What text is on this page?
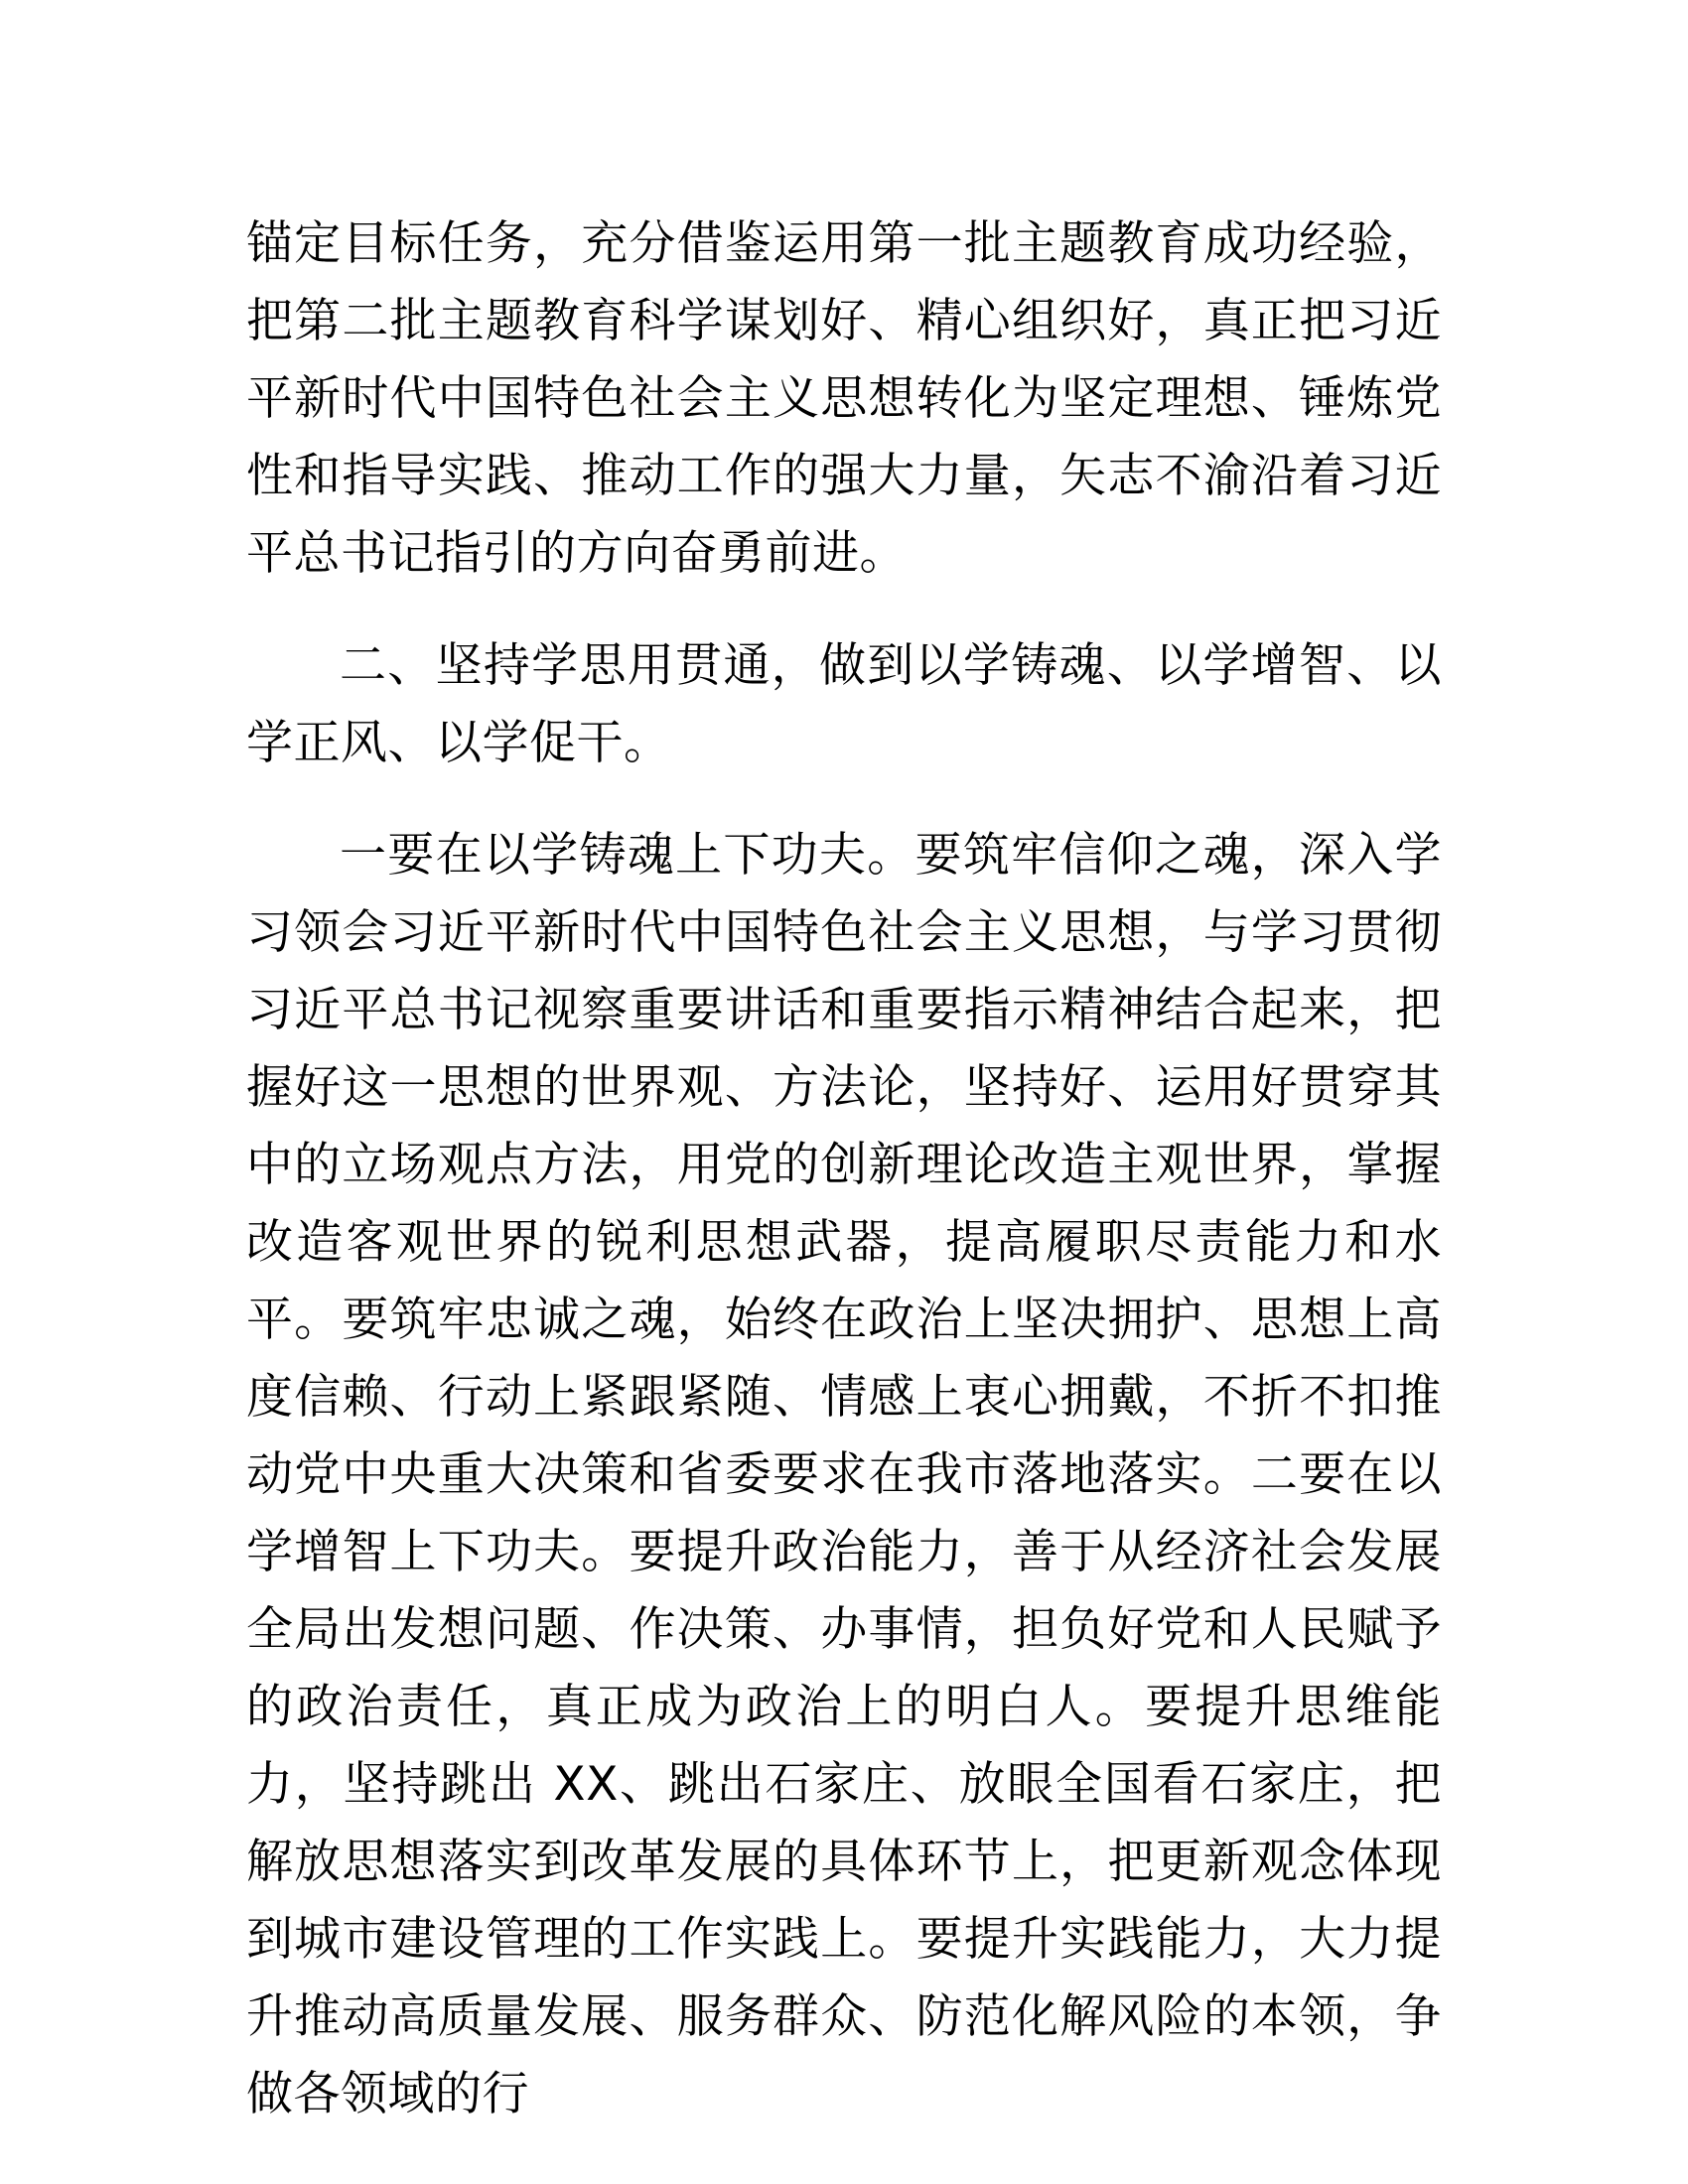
锚定目标任务，充分借鉴运用第一批主题教育成功经验，把第二批主题教育科学谋划好、精心组织好，真正把习近平新时代中国特色社会主义思想转化为坚定理想、锤炼党性和指导实践、推动工作的强大力量，矢志不渝沿着习近平总书记指引的方向奋勇前进。

二、坚持学思用贯通，做到以学铸魂、以学增智、以学正风、以学促干。

一要在以学铸魂上下功夫。要筑牢信仰之魂，深入学习领会习近平新时代中国特色社会主义思想，与学习贯彻习近平总书记视察重要讲话和重要指示精神结合起来，把握好这一思想的世界观、方法论，坚持好、运用好贯穿其中的立场观点方法，用党的创新理论改造主观世界，掌握改造客观世界的锐利思想武器，提高履职尽责能力和水平。要筑牢忠诚之魂，始终在政治上坚决拥护、思想上高度信赖、行动上紧跟紧随、情感上衷心拥戴，不折不扣推动党中央重大决策和省委要求在我市落地落实。二要在以学增智上下功夫。要提升政治能力，善于从经济社会发展全局出发想问题、作决策、办事情，担负好党和人民赋予的政治责任，真正成为政治上的明白人。要提升思维能力，坚持跳出 XX、跳出石家庄、放眼全国看石家庄，把解放思想落实到改革发展的具体环节上，把更新观念体现到城市建设管理的工作实践上。要提升实践能力，大力提升推动高质量发展、服务群众、防范化解风险的本领，争做各领域的行
